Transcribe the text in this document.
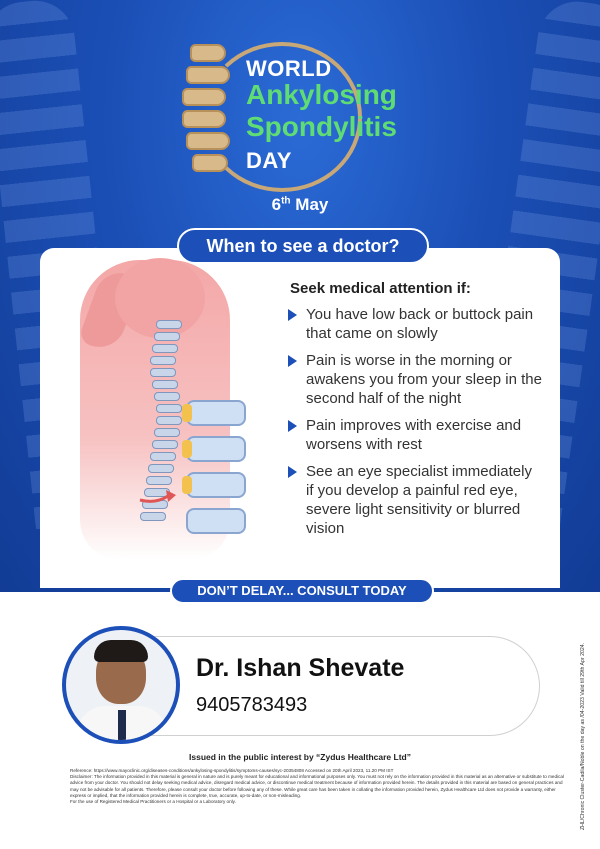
WORLD
Ankylosing
Spondylitis
DAY
6th May
When to see a doctor?
Seek medical attention if:
You have low back or buttock pain that came on slowly
Pain is worse in the morning or awakens you from your sleep in the second half of the night
Pain improves with exercise and worsens with rest
See an eye specialist immediately if you develop a painful red eye, severe light sensitivity or blurred vision
DON’T DELAY... CONSULT TODAY
Dr. Ishan Shevate
9405783493
Issued in the public interest by “Zydus Healthcare Ltd”

Reference: https://www.mayoclinic.org/diseases-conditions/ankylosing-spondylitis/symptoms-causes/syc-20354808 Accessed on 20th April 2023, 11.20 PM IST

Disclaimer: The information provided in this material is general in nature and is purely meant for educational and informational purposes only. You must not rely on the information provided in this material as an alternative or substitute to medical advice from your doctor. You should not delay seeking medical advice, disregard medical advice, or discontinue medical treatment because of information provided herein. The details provided in this material are based on general practices and may not be advisable for all patients. Therefore, please consult your doctor before following any of these. While great care has been taken in collating the information provided herein, Zydus Healthcare Ltd does not provide a warranty, either express or implied, that the information provided herein is complete, true, accurate, up-to-date, or non-misleading.

For the use of Registered Medical Practitioners or a Hospital or a Laboratory only.	ZHL/Chronic Cluster-Cadila/Noble on the day as /04-2023 Valid till 29th Apr 2024.
